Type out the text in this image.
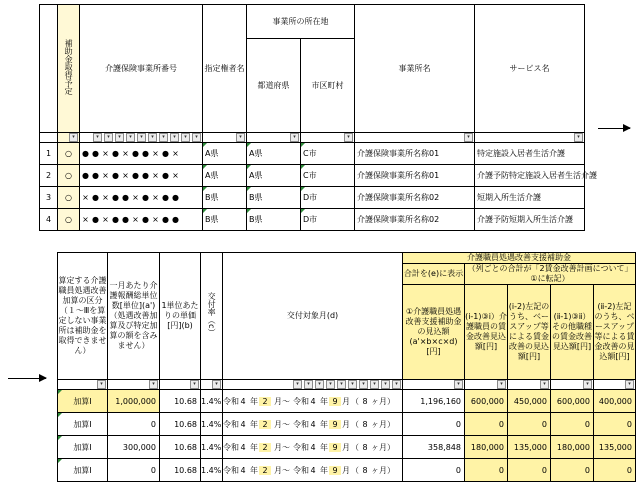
	補助金取得予定	介護保険事業所番号	指定権者名	事業所の所在地		事業所名	サービス名
				都道府県	市区町村		
	▾	▾ ▾ ▾ ▾ ▾ ▾ ▾ ▾ ▾ ▾	▾	▾	▾	▾	▾
1	○	● ● × ● × ● ● × ● ×	A県	A県	C市	介護保険事業所名称01	特定施設入居者生活介護
2	○	● ● × ● × ● ● × ● ×	A県	A県	C市	介護保険事業所名称01	介護予防特定施設入居者生活介護
3	○	× ● × ● ● × ● × ● ●	B県	B県	D市	介護保険事業所名称02	短期入所生活介護
4	○	× ● × ● ● × ● × ● ●	B県	B県	D市	介護保険事業所名称02	介護予防短期入所生活介護
算定する介護職員処遇改善加算の区分（１～Ⅲを算定しない事業所は補助金を取得できません）	一月あたり介護報酬総単位数[単位](a')（処遇改善加算及び特定加算の額を含みません）	1単位あたりの単価[円](b)	交付率（c）	交付対象月(d)	介護職員処遇改善支援補助金				
					合計を(e)に表示	（列ごとの合計が「2賃金改善計画について」①に転記）			
					①介護職員処遇改善支援補助金の見込額(a'×b×c×d)[円]	(ⅰ-1)③ⅰ）介護職員の賃金改善見込額[円]	(ⅰ-2)左記のうち、ベースアップ等による賃金改善の見込額[円]	(ⅱ-1)③ⅱ）その他職種の賃金改善見込額[円]	(ⅱ-2)左記のうち、ベースアップ等による賃金改善の見込額[円]
▾	▾	▾	▾	▾ ▾ ▾ ▾ ▾ ▾ ▾ ▾ ▾ ▾	▾	▾	▾	▾	▾
加算Ⅰ	1,000,000	10.68	1.4%	令和4 年 2 月～ 令和4 年 9 月（ 8 ヶ月）	1,196,160	600,000	450,000	600,000	400,000
加算Ⅰ	0	10.68	1.4%	令和4 年 2 月～ 令和4 年 9 月（ 8 ヶ月）	0	0	0	0	0
加算Ⅰ	300,000	10.68	1.4%	令和4 年 2 月～ 令和4 年 9 月（ 8 ヶ月）	358,848	180,000	135,000	180,000	135,000
加算Ⅰ	0	10.68	1.4%	令和4 年 2 月～ 令和4 年 9 月（ 8 ヶ月）	0	0	0	0	0
